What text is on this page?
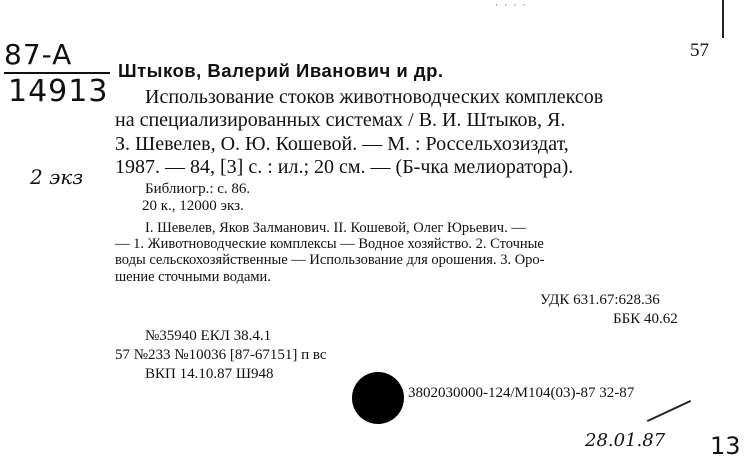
· · · ·
87-A
14913
2 экз
57
Штыков, Валерий Иванович и др.
Использование стоков животноводческих комплексов
на специализированных системах / В. И. Штыков, Я.
З. Шевелев, О. Ю. Кошевой. — М. : Россельхозиздат,
1987. — 84, [3] с. : ил.; 20 см. — (Б-чка мелиоратора).
Библиогр.: с. 86.
20 к., 12000 экз.
I. Шевелев, Яков Залманович. II. Кошевой, Олег Юрьевич. —
— 1. Животноводческие комплексы — Водное хозяйство. 2. Сточные
воды сельскохозяйственные — Использование для орошения. 3. Оро-
шение сточными водами.
УДК 631.67:628.36
ББК 40.62
№35940 ЕКЛ 38.4.1
57 №233 №10036 [87-67151] п вс
ВКП 14.10.87 Ш948
3802030000-124/М104(03)-87 32-87
28.01.87 13
